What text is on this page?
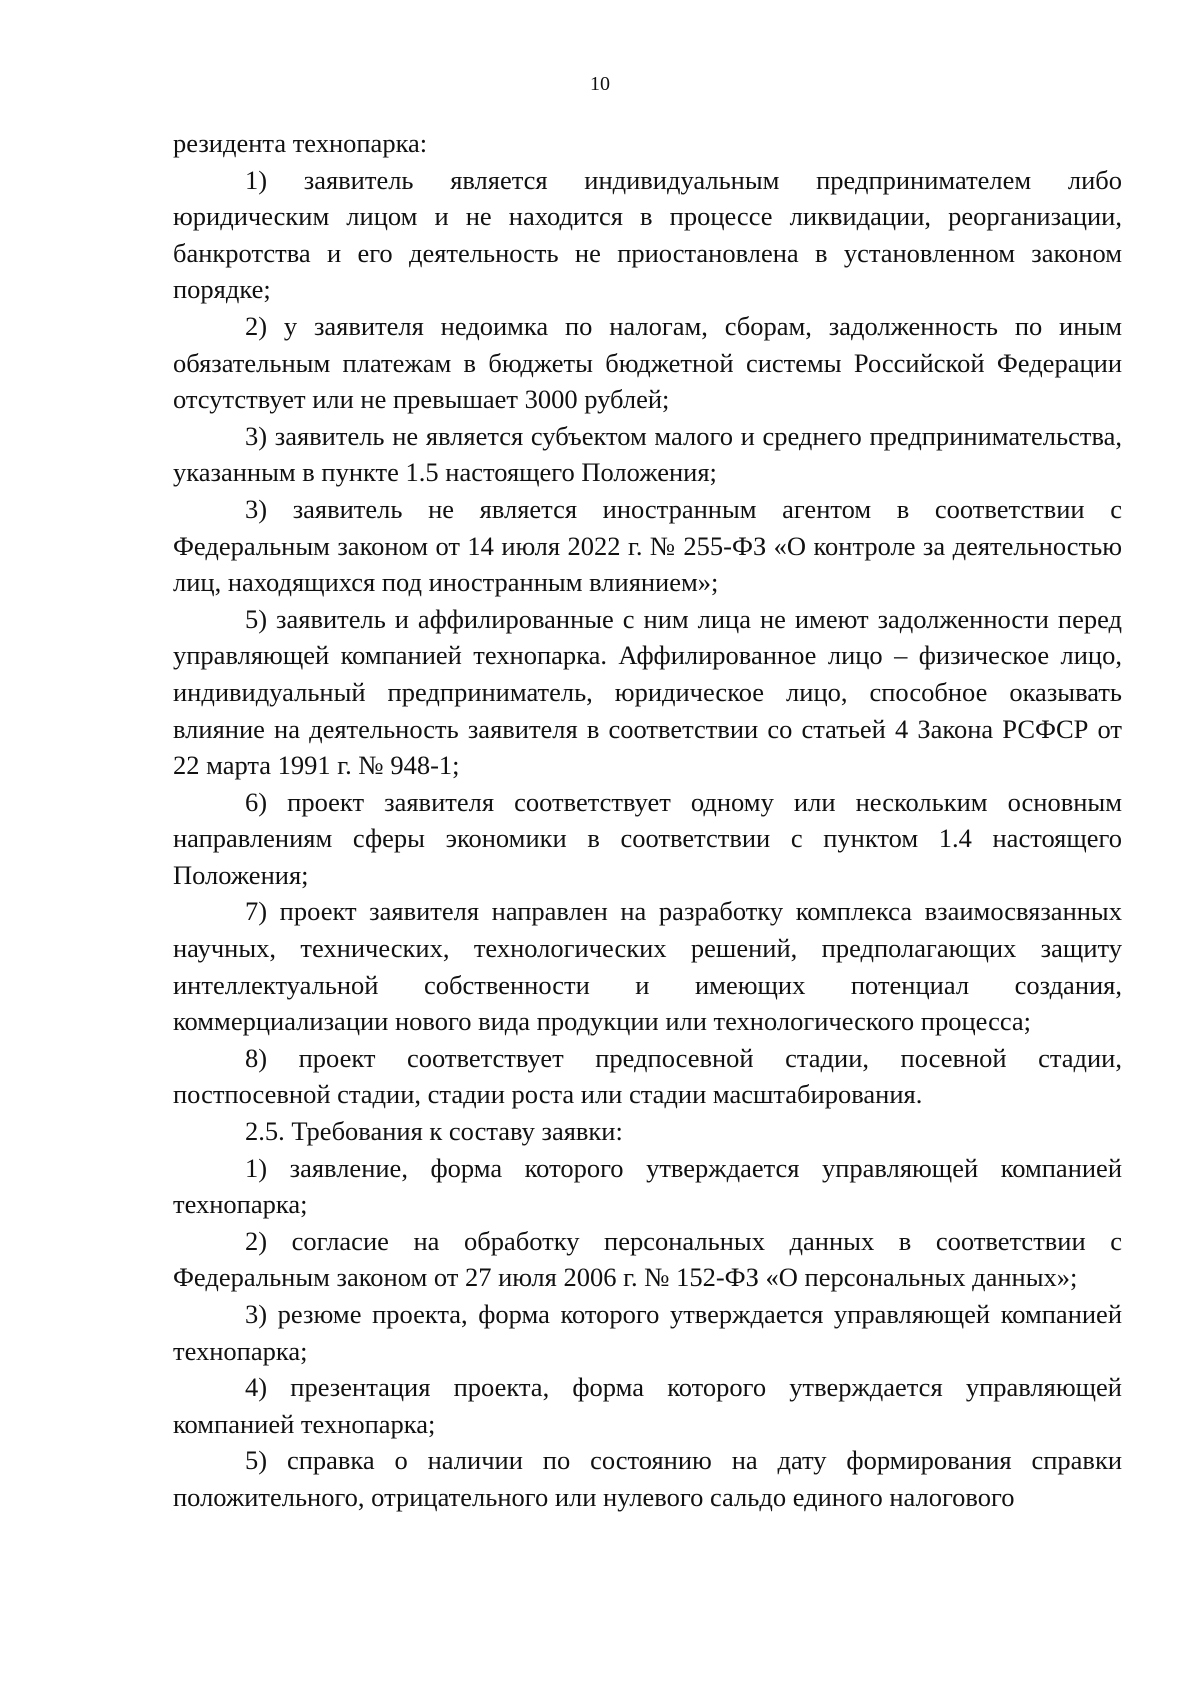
10

резидента технопарка:

1) заявитель является индивидуальным предпринимателем либо юридическим лицом и не находится в процессе ликвидации, реорганизации, банкротства и его деятельность не приостановлена в установленном законом порядке;

2) у заявителя недоимка по налогам, сборам, задолженность по иным обязательным платежам в бюджеты бюджетной системы Российской Федерации отсутствует или не превышает 3000 рублей;

3) заявитель не является субъектом малого и среднего предпринимательства, указанным в пункте 1.5 настоящего Положения;

3) заявитель не является иностранным агентом в соответствии с Федеральным законом от 14 июля 2022 г. № 255-ФЗ «О контроле за деятельностью лиц, находящихся под иностранным влиянием»;

5) заявитель и аффилированные с ним лица не имеют задолженности перед управляющей компанией технопарка. Аффилированное лицо – физическое лицо, индивидуальный предприниматель, юридическое лицо, способное оказывать влияние на деятельность заявителя в соответствии со статьей 4 Закона РСФСР от 22 марта 1991 г. № 948-1;

6) проект заявителя соответствует одному или нескольким основным направлениям сферы экономики в соответствии с пунктом 1.4 настоящего Положения;

7) проект заявителя направлен на разработку комплекса взаимосвязанных научных, технических, технологических решений, предполагающих защиту интеллектуальной собственности и имеющих потенциал создания, коммерциализации нового вида продукции или технологического процесса;

8) проект соответствует предпосевной стадии, посевной стадии, постпосевной стадии, стадии роста или стадии масштабирования.

2.5. Требования к составу заявки:

1) заявление, форма которого утверждается управляющей компанией технопарка;

2) согласие на обработку персональных данных в соответствии с Федеральным законом от 27 июля 2006 г. № 152-ФЗ «О персональных данных»;

3) резюме проекта, форма которого утверждается управляющей компанией технопарка;

4) презентация проекта, форма которого утверждается управляющей компанией технопарка;

5) справка о наличии по состоянию на дату формирования справки положительного, отрицательного или нулевого сальдо единого налогового
